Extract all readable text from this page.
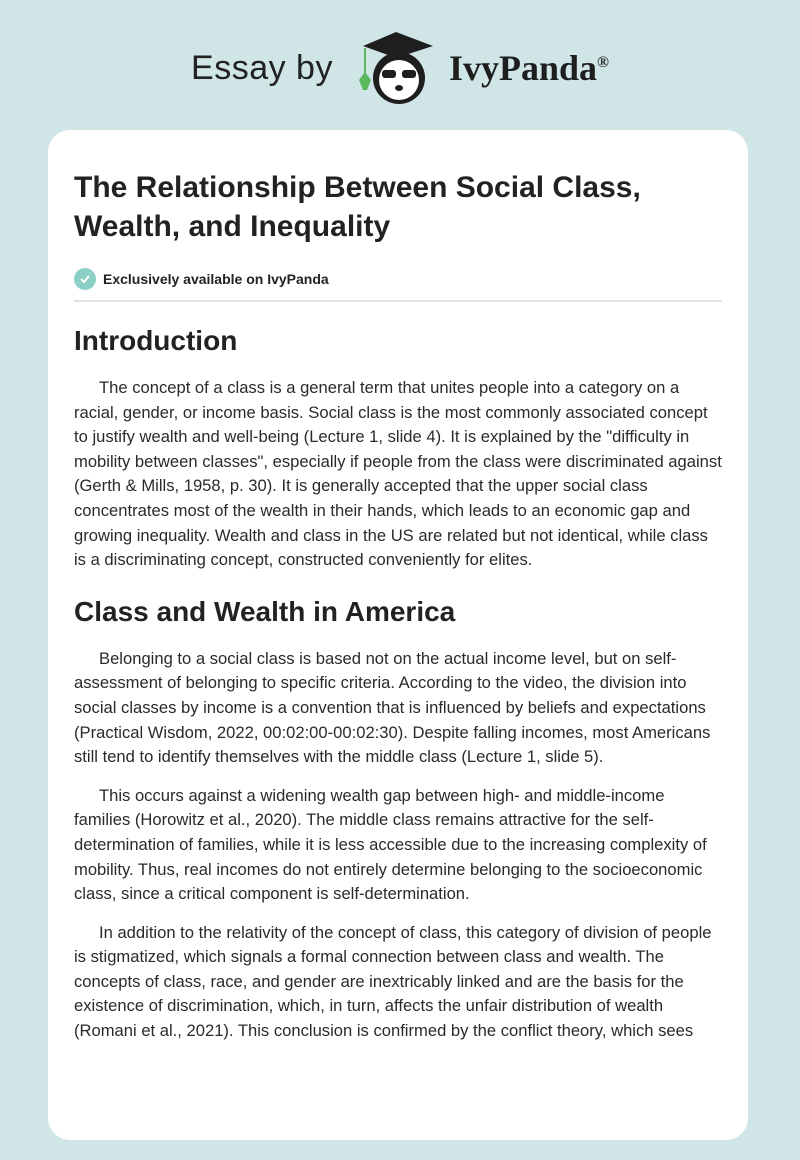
Essay by	IvyPanda®
The Relationship Between Social Class, Wealth, and Inequality
Exclusively available on IvyPanda
Introduction

The concept of a class is a general term that unites people into a category on a racial, gender, or income basis. Social class is the most commonly associated concept to justify wealth and well-being (Lecture 1, slide 4). It is explained by the "difficulty in mobility between classes", especially if people from the class were discriminated against (Gerth & Mills, 1958, p. 30). It is generally accepted that the upper social class concentrates most of the wealth in their hands, which leads to an economic gap and growing inequality. Wealth and class in the US are related but not identical, while class is a discriminating concept, constructed conveniently for elites.

Class and Wealth in America

Belonging to a social class is based not on the actual income level, but on self-assessment of belonging to specific criteria. According to the video, the division into social classes by income is a convention that is influenced by beliefs and expectations (Practical Wisdom, 2022, 00:02:00-00:02:30). Despite falling incomes, most Americans still tend to identify themselves with the middle class (Lecture 1, slide 5).

This occurs against a widening wealth gap between high- and middle-income families (Horowitz et al., 2020). The middle class remains attractive for the self-determination of families, while it is less accessible due to the increasing complexity of mobility. Thus, real incomes do not entirely determine belonging to the socioeconomic class, since a critical component is self-determination.

In addition to the relativity of the concept of class, this category of division of people is stigmatized, which signals a formal connection between class and wealth. The concepts of class, race, and gender are inextricably linked and are the basis for the existence of discrimination, which, in turn, affects the unfair distribution of wealth (Romani et al., 2021). This conclusion is confirmed by the conflict theory, which sees
